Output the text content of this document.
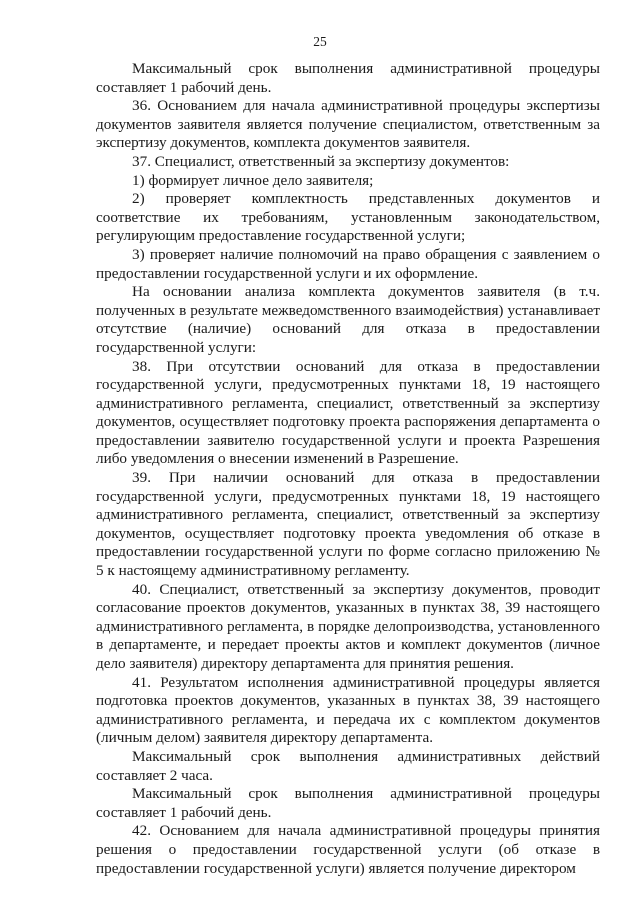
25

Максимальный срок выполнения административной процедуры составляет 1 рабочий день.

36. Основанием для начала административной процедуры экспертизы документов заявителя является получение специалистом, ответственным за экспертизу документов, комплекта документов заявителя.

37. Специалист, ответственный за экспертизу документов:

1) формирует личное дело заявителя;

2) проверяет комплектность представленных документов и соответствие их требованиям, установленным законодательством, регулирующим предоставление государственной услуги;

3) проверяет наличие полномочий на право обращения с заявлением о предоставлении государственной услуги и их оформление.

На основании анализа комплекта документов заявителя (в т.ч. полученных в результате межведомственного взаимодействия) устанавливает отсутствие (наличие) оснований для отказа в предоставлении государственной услуги:

38. При отсутствии оснований для отказа в предоставлении государственной услуги, предусмотренных пунктами 18, 19 настоящего административного регламента, специалист, ответственный за экспертизу документов, осуществляет подготовку проекта распоряжения департамента о предоставлении заявителю государственной услуги и проекта Разрешения либо уведомления о внесении изменений в Разрешение.

39. При наличии оснований для отказа в предоставлении государственной услуги, предусмотренных пунктами 18, 19 настоящего административного регламента, специалист, ответственный за экспертизу документов, осуществляет подготовку проекта уведомления об отказе в предоставлении государственной услуги по форме согласно приложению № 5 к настоящему административному регламенту.

40. Специалист, ответственный за экспертизу документов, проводит согласование проектов документов, указанных в пунктах 38, 39 настоящего административного регламента, в порядке делопроизводства, установленного в департаменте, и передает проекты актов и комплект документов (личное дело заявителя) директору департамента для принятия решения.

41. Результатом исполнения административной процедуры является подготовка проектов документов, указанных в пунктах 38, 39 настоящего административного регламента, и передача их с комплектом документов (личным делом) заявителя директору департамента.

Максимальный срок выполнения административных действий составляет 2 часа.

Максимальный срок выполнения административной процедуры составляет 1 рабочий день.

42. Основанием для начала административной процедуры принятия решения о предоставлении государственной услуги (об отказе в предоставлении государственной услуги) является получение директором
